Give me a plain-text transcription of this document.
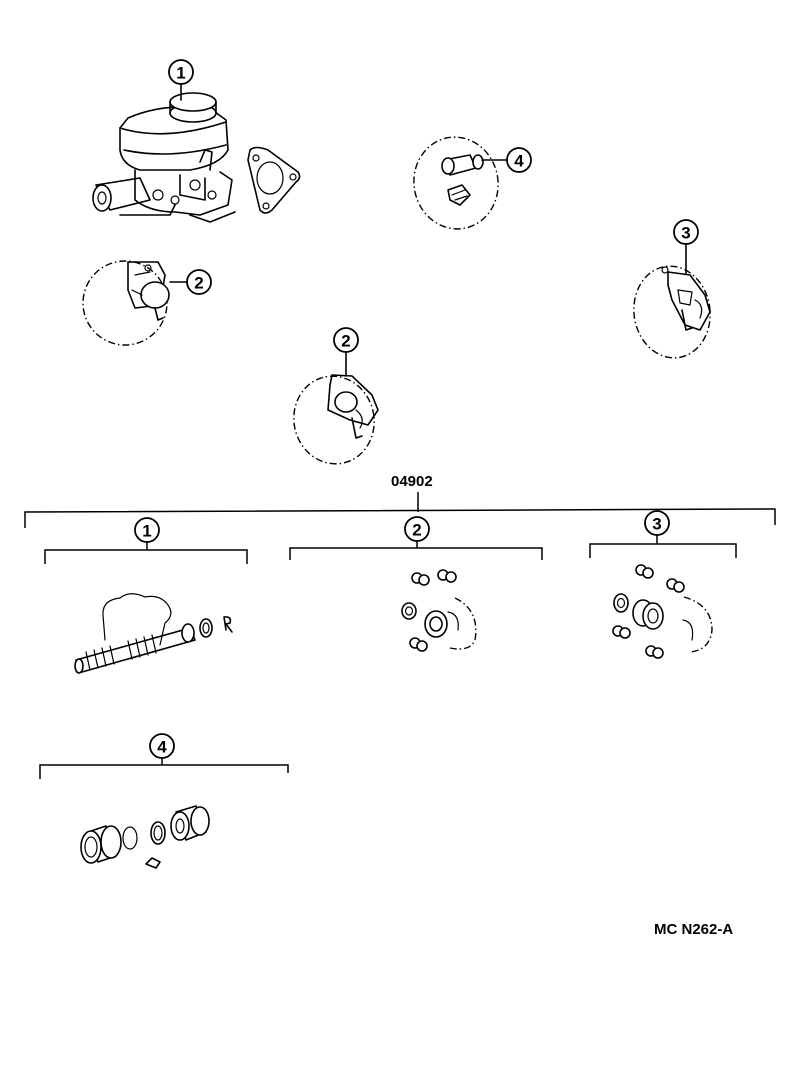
1
4
2
3
2
04902
1	2	3
4
MC N262-A
